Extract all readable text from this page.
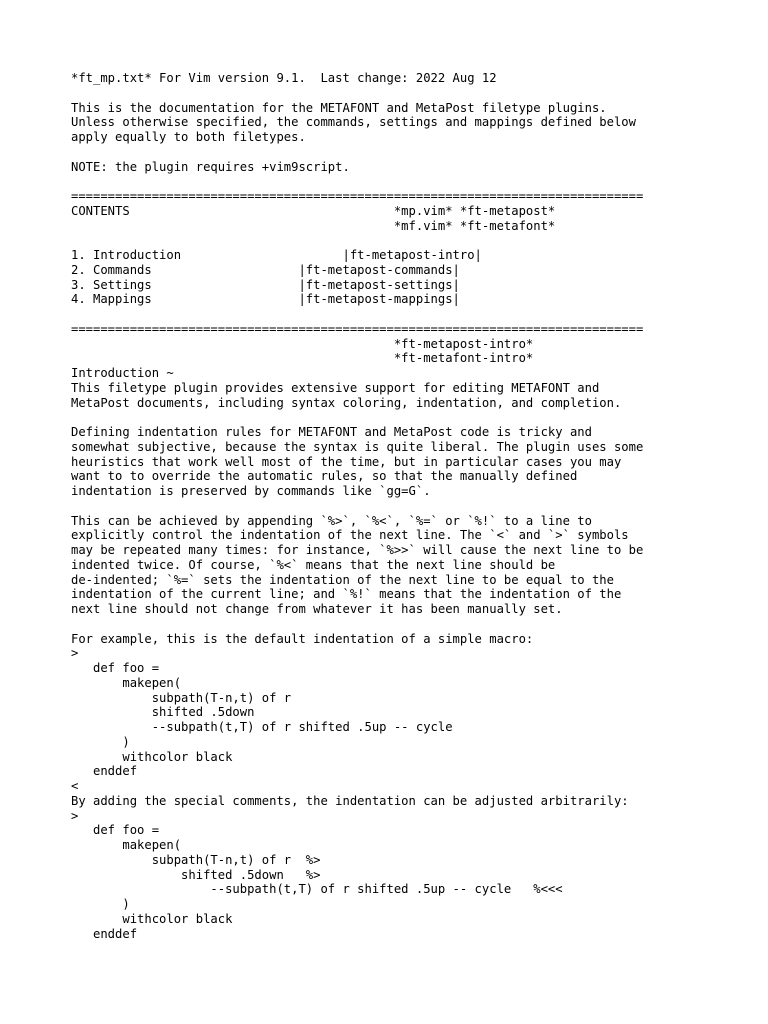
*ft_mp.txt* For Vim version 9.1.  Last change: 2022 Aug 12
This is the documentation for the METAFONT and MetaPost filetype plugins.
Unless otherwise specified, the commands, settings and mappings defined below
apply equally to both filetypes.
NOTE: the plugin requires +vim9script.
==============================================================================
CONTENTS                                    *mp.vim* *ft-metapost*
*mf.vim* *ft-metafont*
1. Introduction                      |ft-metapost-intro|
2. Commands                    |ft-metapost-commands|
3. Settings                    |ft-metapost-settings|
4. Mappings                    |ft-metapost-mappings|
==============================================================================
*ft-metapost-intro*
*ft-metafont-intro*
Introduction ~
This filetype plugin provides extensive support for editing METAFONT and
MetaPost documents, including syntax coloring, indentation, and completion.
Defining indentation rules for METAFONT and MetaPost code is tricky and
somewhat subjective, because the syntax is quite liberal. The plugin uses some
heuristics that work well most of the time, but in particular cases you may
want to to override the automatic rules, so that the manually defined
indentation is preserved by commands like `gg=G`.
This can be achieved by appending `%>`, `%<`, `%=` or `%!` to a line to
explicitly control the indentation of the next line. The `<` and `>` symbols
may be repeated many times: for instance, `%>>` will cause the next line to be
indented twice. Of course, `%<` means that the next line should be
de-indented; `%=` sets the indentation of the next line to be equal to the
indentation of the current line; and `%!` means that the indentation of the
next line should not change from whatever it has been manually set.
For example, this is the default indentation of a simple macro:
>
def foo =
makepen(
subpath(T-n,t) of r
shifted .5down
--subpath(t,T) of r shifted .5up -- cycle
)
withcolor black
enddef
<
By adding the special comments, the indentation can be adjusted arbitrarily:
>
def foo =
makepen(
subpath(T-n,t) of r  %>
shifted .5down   %>
--subpath(t,T) of r shifted .5up -- cycle   %<<<
)
withcolor black
enddef
